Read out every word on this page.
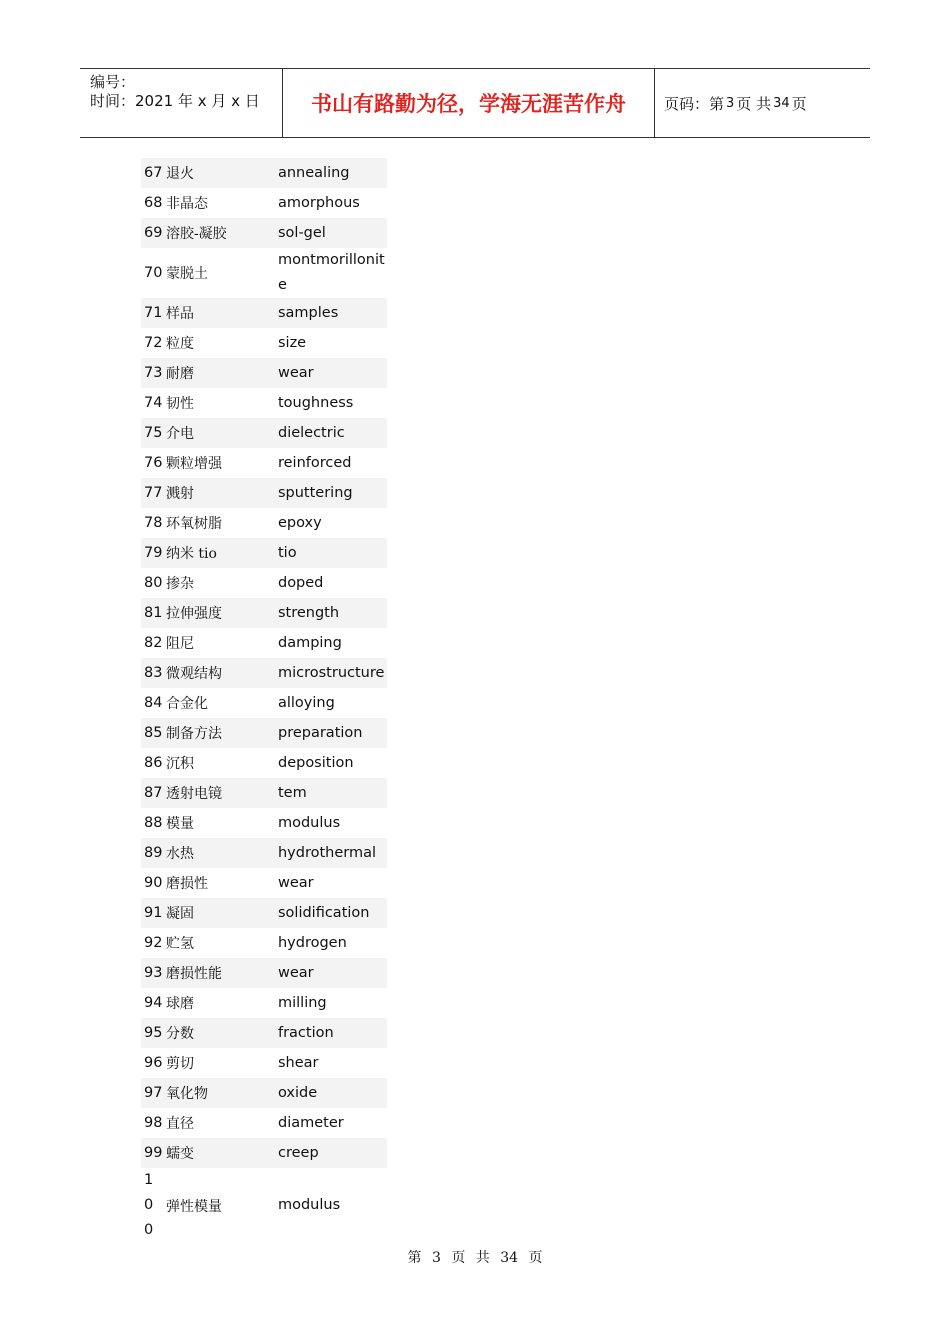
编号：
时间：2021 年 x 月 x 日	书山有路勤为径，学海无涯苦作舟	页码：第 3 页 共 34 页
67	退火	annealing
68	非晶态	amorphous
69	溶胶-凝胶	sol-gel
70	蒙脱土	montmorillonite
71	样品	samples
72	粒度	size
73	耐磨	wear
74	韧性	toughness
75	介电	dielectric
76	颗粒增强	reinforced
77	溅射	sputtering
78	环氧树脂	epoxy
79	纳米 tio	tio
80	掺杂	doped
81	拉伸强度	strength
82	阻尼	damping
83	微观结构	microstructure
84	合金化	alloying
85	制备方法	preparation
86	沉积	deposition
87	透射电镜	tem
88	模量	modulus
89	水热	hydrothermal
90	磨损性	wear
91	凝固	solidification
92	贮氢	hydrogen
93	磨损性能	wear
94	球磨	milling
95	分数	fraction
96	剪切	shear
97	氧化物	oxide
98	直径	diameter
99	蠕变	creep
100	弹性模量	modulus
第 3 页 共 34 页
